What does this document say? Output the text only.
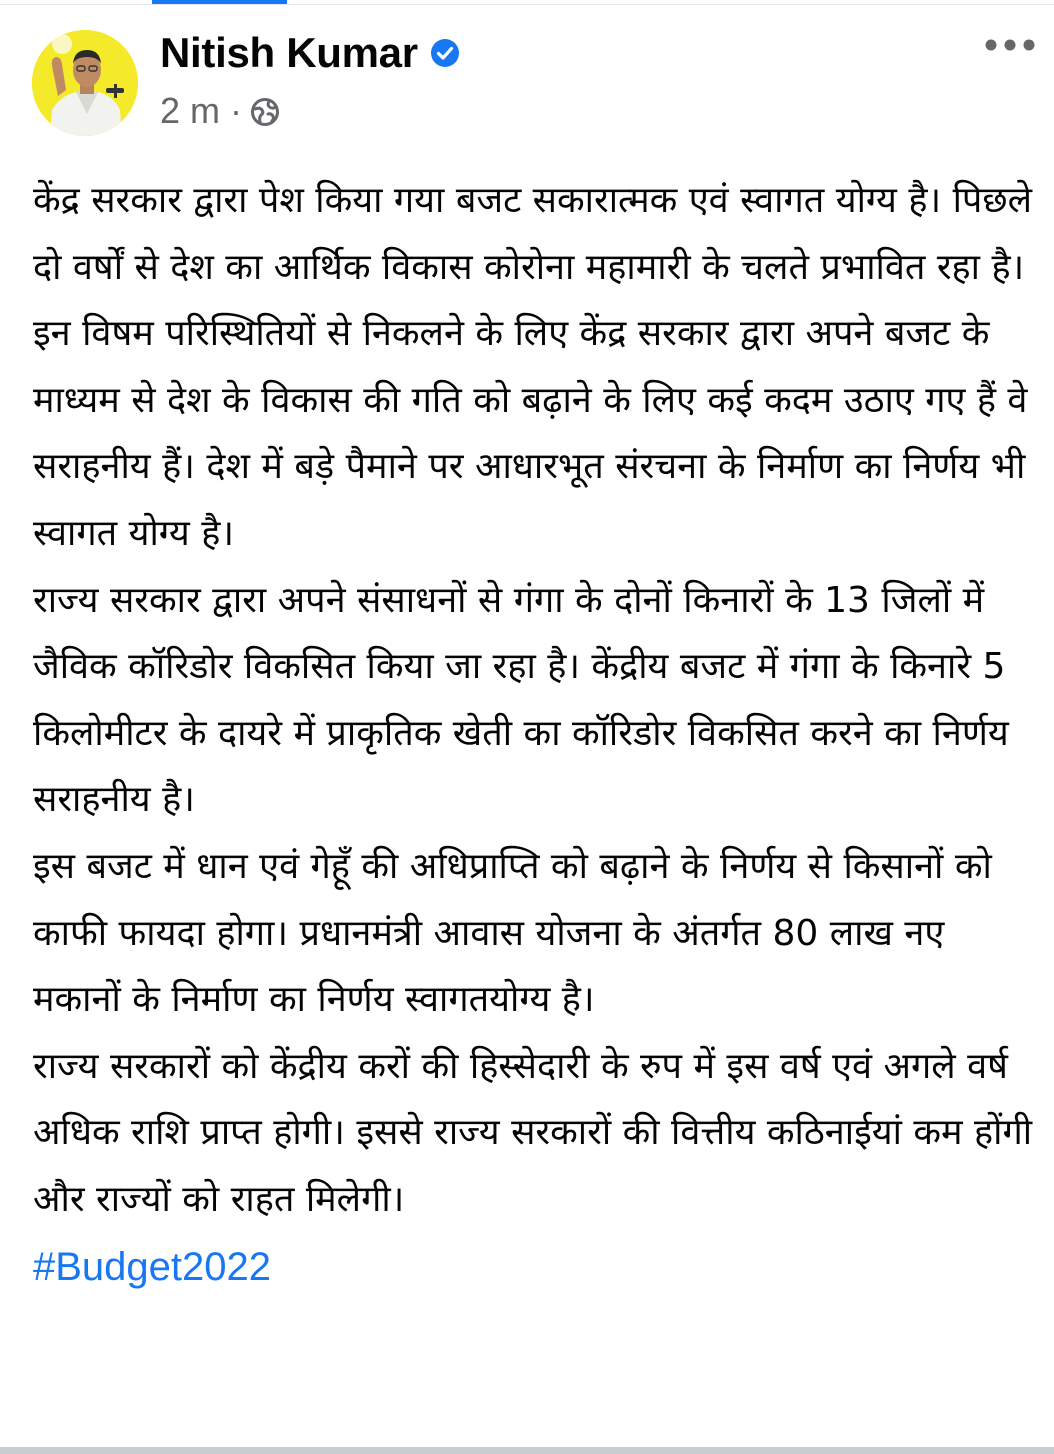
Nitish Kumar
2 m ·
केंद्र सरकार द्वारा पेश किया गया बजट सकारात्मक एवं स्वागत योग्य है। पिछले दो वर्षों से देश का आर्थिक विकास कोरोना महामारी के चलते प्रभावित रहा है। इन विषम परिस्थितियों से निकलने के लिए केंद्र सरकार द्वारा अपने बजट के माध्यम से देश के विकास की गति को बढ़ाने के लिए कई कदम उठाए गए हैं वे सराहनीय हैं। देश में बड़े पैमाने पर आधारभूत संरचना के निर्माण का निर्णय भी स्वागत योग्य है।
राज्य सरकार द्वारा अपने संसाधनों से गंगा के दोनों किनारों के 13 जिलों में जैविक कॉरिडोर विकसित किया जा रहा है। केंद्रीय बजट में गंगा के किनारे 5 किलोमीटर के दायरे में प्राकृतिक खेती का कॉरिडोर विकसित करने का निर्णय सराहनीय है।
इस बजट में धान एवं गेहूँ की अधिप्राप्ति को बढ़ाने के निर्णय से किसानों को काफी फायदा होगा। प्रधानमंत्री आवास योजना के अंतर्गत 80 लाख नए मकानों के निर्माण का निर्णय स्वागतयोग्य है।
राज्य सरकारों को केंद्रीय करों की हिस्सेदारी के रुप में इस वर्ष एवं अगले वर्ष अधिक राशि प्राप्त होगी। इससे राज्य सरकारों की वित्तीय कठिनाईयां कम होंगी और राज्यों को राहत मिलेगी।

#Budget2022
